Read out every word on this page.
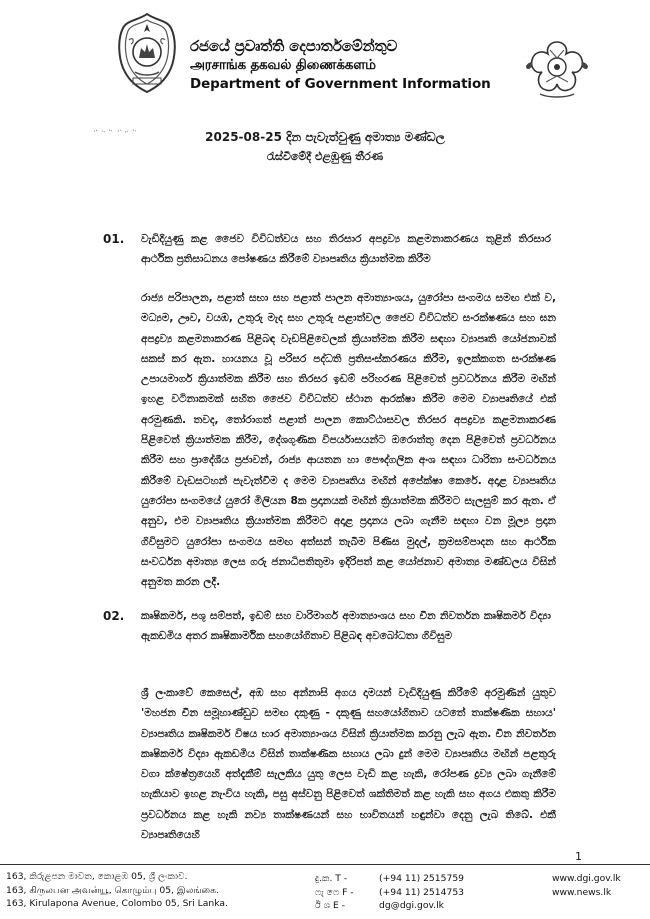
රජයේ ප්‍රවෘත්ති දෙපාර්තමේන්තුව
அரசாங்க தகவல் திணைக்களம்
Department of Government Information
2025-08-25 දින පැවැත්වුණු අමාත්‍ය මණ්ඩල
රැස්වීමේදී එළඹුණු තීරණ
01. වැඩිදියුණු කළ ජෛව විවිධත්වය සහ තිරසාර අපද්‍රව්‍ය කළමනාකරණය තුළින් තිරසාර ආර්ථික ප්‍රතිසාධනය පෝෂණය කිරීමේ ව්‍යාපෘතිය ක්‍රියාත්මක කිරීම
රාජ්‍ය පරිපාලන, පළාත් සභා සහ පළාත් පාලන අමාත්‍යාංශය, යුරෝපා සංගමය සමඟ එක් ව, මධ්‍යම, ඌව, වයඹ, උතුරු මැද සහ උතුරු පළාත්වල ජෛව විවිධත්ව සංරක්ෂණය සහ ඝන අපද්‍රව්‍ය කළමනාකරණ පිළිබඳ වැඩපිළිවෙලක් ක්‍රියාත්මක කිරීම සඳහා ව්‍යාපෘති යෝජනාවක් සකස් කර ඇත. හායනය වූ පරිසර පද්ධති ප්‍රතිසංස්කරණය කිරීම, ඉලක්කගත සංරක්ෂණ උපායමාර්ග ක්‍රියාත්මක කිරීම සහ තිරසර ඉඩම් පරිහරණ පිළිවෙත් ප්‍රවර්ධනය කිරීම මඟින් ඉහළ වටිනාකමක් සහිත ජෛව විවිධත්ව ස්ථාන ආරක්ෂා කිරීම මෙම ව්‍යාපෘතියේ එක් අරමුණකි. තවද, තෝරාගත් පළාත් පාලන කොට්ඨාසවල තිරසර අපද්‍රව්‍ය කළමනාකරණ පිළිවෙත් ක්‍රියාත්මක කිරීම, දේශගුණික විපර්යාසයන්ට ඔරොත්තු දෙන පිළිවෙත් ප්‍රවර්ධනය කිරීම සහ ප්‍රාදේශීය ප්‍රජාවන්, රාජ්‍ය ආයතන හා පෞද්ගලික අංශ සඳහා ධාරිතා සංවර්ධනය කිරීමේ වැඩසටහන් පැවැත්වීම ද මෙම ව්‍යාපෘතිය මඟින් අපේක්ෂා කෙරේ. අදාළ ව්‍යාපෘතිය යුරෝපා සංගමයේ යුරෝ මිලියන 8ක ප්‍රදානයක් මඟින් ක්‍රියාත්මක කිරීමට සැලසුම් කර ඇත. ඒ අනුව, එම ව්‍යාපෘතිය ක්‍රියාත්මක කිරීමට අදාළ ප්‍රදානය ලබා ගැනීම සඳහා වන මූල්‍ය ප්‍රදාන ගිවිසුමට යුරෝපා සංගමය සමඟ අත්සන් තැබීම පිණිස මුදල්, ක්‍රමසම්පාදන සහ ආර්ථික සංවර්ධන අමාත්‍ය ලෙස ගරු ජනාධිපතිතුමා ඉදිරිපත් කළ යෝජනාව අමාත්‍ය මණ්ඩලය විසින් අනුමත කරන ලදී.
02. කෘෂිකර්ම, පශු සම්පත්, ඉඩම් සහ වාරිමාර්ග අමාත්‍යාංශය සහ චීන නිවර්තන කෘෂිකර්ම විද්‍යා ඇකඩමිය අතර කෘෂිකාර්මික සහයෝගිතාව පිළිබඳ අවබෝධතා ගිවිසුම
ශ්‍රී ලංකාවේ කෙසෙල්, අඹ සහ අන්නාසි අගය දාමයන් වැඩිදියුණු කිරීමේ අරමුණින් යුතුව 'මහජන චීන සමූහාණ්ඩුව සමඟ දකුණු - දකුණු සහයෝගිතාව යටතේ තාක්ෂණික සහාය' ව්‍යාපෘතිය කෘෂිකර්ම විෂය භාර අමාත්‍යාංශය විසින් ක්‍රියාත්මක කරනු ලැබ ඇත. චීන නිවර්තන කෘෂිකර්ම විද්‍යා ඇකඩමිය විසින් තාක්ෂණික සහාය ලබා දුන් මෙම ව්‍යාපෘතිය මඟින් පළතුරු වගා ක්ෂේත්‍රයෙහි අත්දැකීම් සැලකිය යුතු ලෙස වැඩි කළ හැකි, රෝපණ ද්‍රව්‍ය ලබා ගැනීමේ හැකියාව ඉහළ නැංවිය හැකි, පසු අස්වනු පිළිවෙත් ශක්තිමත් කළ හැකි සහ අගය එකතු කිරීම ප්‍රවර්ධනය කළ හැකි නව්‍ය තාක්ෂණයන් සහ භාවිතයන් හඳුන්වා දෙනු ලැබ තිබේ. එකී ව්‍යාපෘතියෙහි
1
163, කිරුළපන මාවත, කොළඹ 05, ශ්‍රී ලංකාව.
163, கிருலபன அவன்யூ, கொழும்பு 05, இலங்கை.
163, Kirulapona Avenue, Colombo 05, Sri Lanka.
දු.ක. T -	(+94 11) 2515759
ෆැ ෆෙ F -	(+94 11) 2514753
ඊ ශ E -	dg@dgi.gov.lk
www.dgi.gov.lk
www.news.lk
